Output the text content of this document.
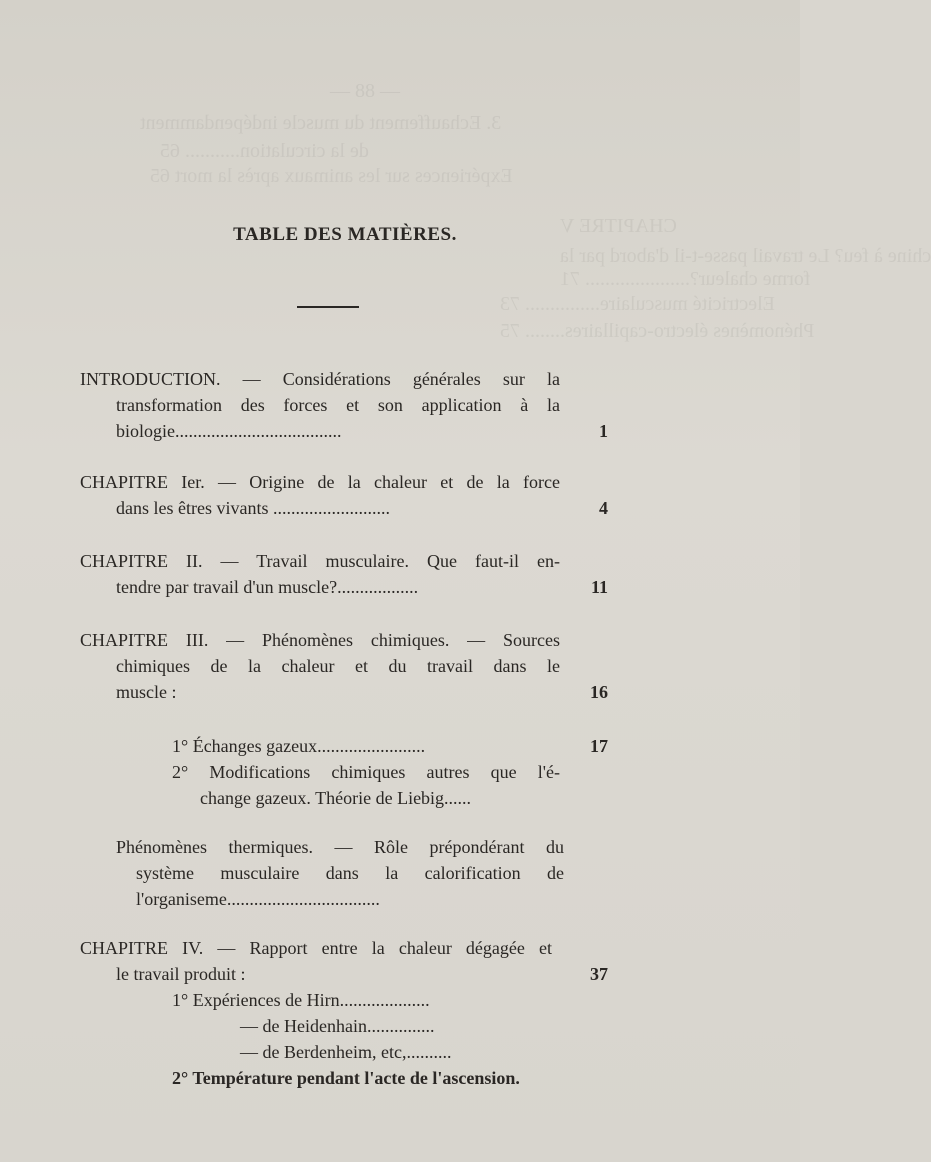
— 88 —
3. Echauffement du muscle indépendamment
de la circulation........... 65
Expériences sur les animaux après la mort 65
CHAPITRE V
chine à feu? Le travail passe-t-il d'abord par la
forme chaleur?..................... 71
Electricité musculaire............... 73
Phénomènes électro-capillaires........ 75
TABLE DES MATIÈRES.
INTRODUCTION. — Considérations générales sur la
transformation des forces et son application à la
biologie.....................................	1
CHAPITRE Ier. — Origine de la chaleur et de la force
dans les êtres vivants ..........................	4
CHAPITRE II. — Travail musculaire. Que faut-il en-
tendre par travail d'un muscle?..................	11
CHAPITRE III. — Phénomènes chimiques. — Sources
chimiques de la chaleur et du travail dans le
muscle :	16
1° Échanges gazeux........................	17
2° Modifications chimiques autres que l'é-
change gazeux. Théorie de Liebig......
Phénomènes thermiques. — Rôle prépondérant du
système musculaire dans la calorification de
l'organiseme..................................
CHAPITRE IV. — Rapport entre la chaleur dégagée et
le travail produit :	37
1° Expériences de Hirn....................
— de Heidenhain...............
— de Berdenheim, etc,..........
2° Température pendant l'acte de l'ascension.
